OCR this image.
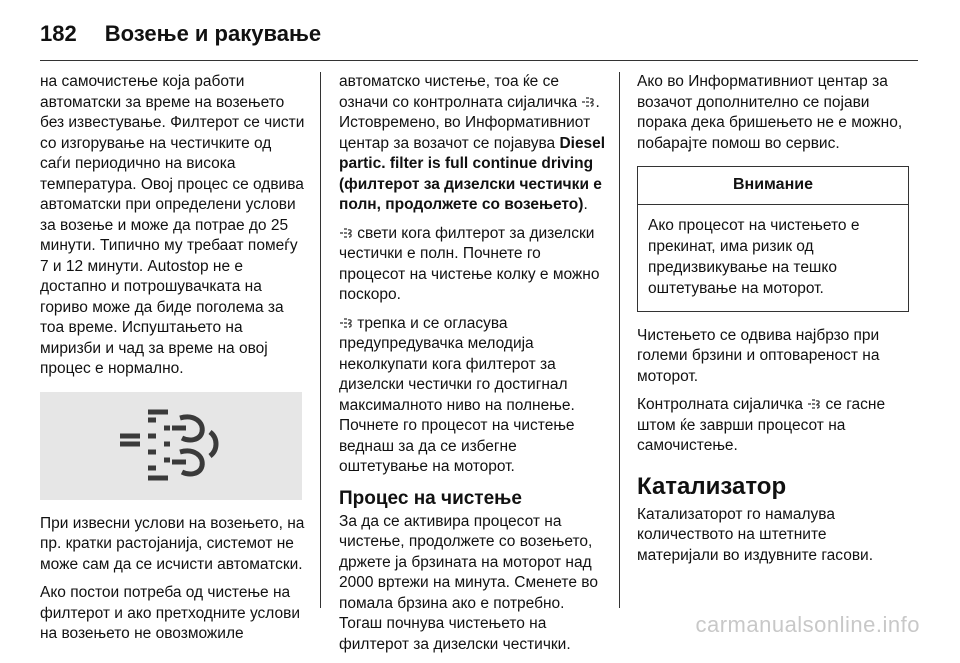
182 Возење и ракување

на самочистење која работи автоматски за време на возењето без известување. Филтерот се чисти со изгорување на честичките од саѓи периодично на висока температура. Овој процес се одвива автоматски при определени услови за возење и може да потрае до 25 минути. Типично му требаат помеѓу 7 и 12 минути. Autostop не е достапно и потрошувачката на гориво може да биде поголема за тоа време. Испуштањето на миризби и чад за време на овој процес е нормално.

При извесни услови на возењето, на пр. кратки растојанија, системот не може сам да се исчисти автоматски.

Ако постои потреба од чистење на филтерот и ако претходните услови на возењето не овозможиле

автоматско чистење, тоа ќе се означи со контролната сијаличка . Истовремено, во Информативниот центар за возачот се појавува Diesel partic. filter is full continue driving (филтерот за дизелски честички е полн, продолжете со возењето).

свети кога филтерот за дизелски честички е полн. Почнете го процесот на чистење колку е можно поскоро.

трепка и се огласува предупредувачка мелодија неколкупати кога филтерот за дизелски честички го достигнал максималното ниво на полнење. Почнете го процесот на чистење веднаш за да се избегне оштетување на моторот.

Процес на чистење

За да се активира процесот на чистење, продолжете со возењето, држете ја брзината на моторот над 2000 вртежи на минута. Сменете во помала брзина ако е потребно. Тогаш почнува чистењето на филтерот за дизелски честички.

Ако во Информативниот центар за возачот дополнително се појави порака дека бришењето не е можно, побарајте помош во сервис.

Внимание
Ако процесот на чистењето е прекинат, има ризик од предизвикување на тешко оштетување на моторот.

Чистењето се одвива најбрзо при големи брзини и оптовареност на моторот.

Контролната сијаличка  се гасне штом ќе заврши процесот на самочистење.

Катализатор

Катализаторот го намалува количеството на штетните материјали во издувните гасови.

carmanualsonline.info
